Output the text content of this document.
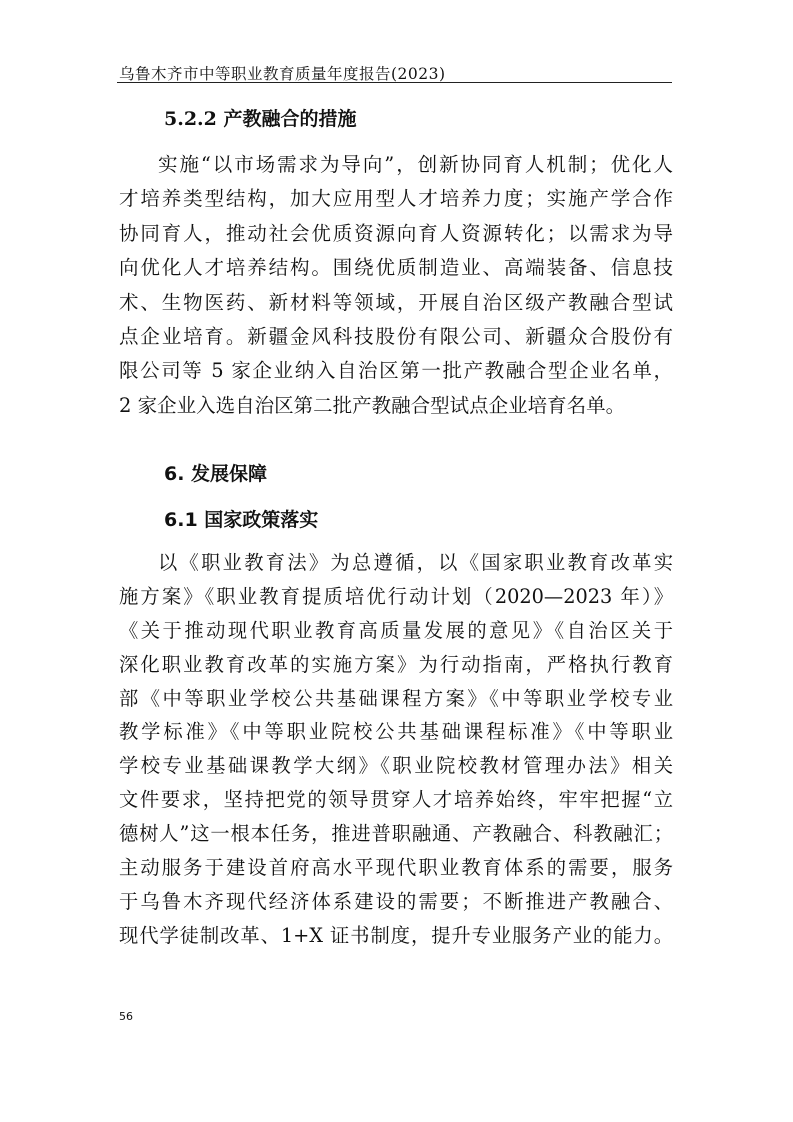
乌鲁木齐市中等职业教育质量年度报告(2023)
5.2.2 产教融合的措施
实施“以市场需求为导向”，创新协同育人机制；优化人
才培养类型结构，加大应用型人才培养力度；实施产学合作
协同育人，推动社会优质资源向育人资源转化；以需求为导
向优化人才培养结构。围绕优质制造业、高端装备、信息技
术、生物医药、新材料等领域，开展自治区级产教融合型试
点企业培育。新疆金风科技股份有限公司、新疆众合股份有
限公司等 5 家企业纳入自治区第一批产教融合型企业名单，
2 家企业入选自治区第二批产教融合型试点企业培育名单。
6. 发展保障
6.1 国家政策落实
以《职业教育法》为总遵循，以《国家职业教育改革实
施方案》《职业教育提质培优行动计划（2020—2023 年）》
《关于推动现代职业教育高质量发展的意见》《自治区关于
深化职业教育改革的实施方案》为行动指南，严格执行教育
部《中等职业学校公共基础课程方案》《中等职业学校专业
教学标准》《中等职业院校公共基础课程标准》《中等职业
学校专业基础课教学大纲》《职业院校教材管理办法》相关
文件要求，坚持把党的领导贯穿人才培养始终，牢牢把握“立
德树人”这一根本任务，推进普职融通、产教融合、科教融汇；
主动服务于建设首府高水平现代职业教育体系的需要，服务
于乌鲁木齐现代经济体系建设的需要；不断推进产教融合、
现代学徒制改革、1+X 证书制度，提升专业服务产业的能力。
56
